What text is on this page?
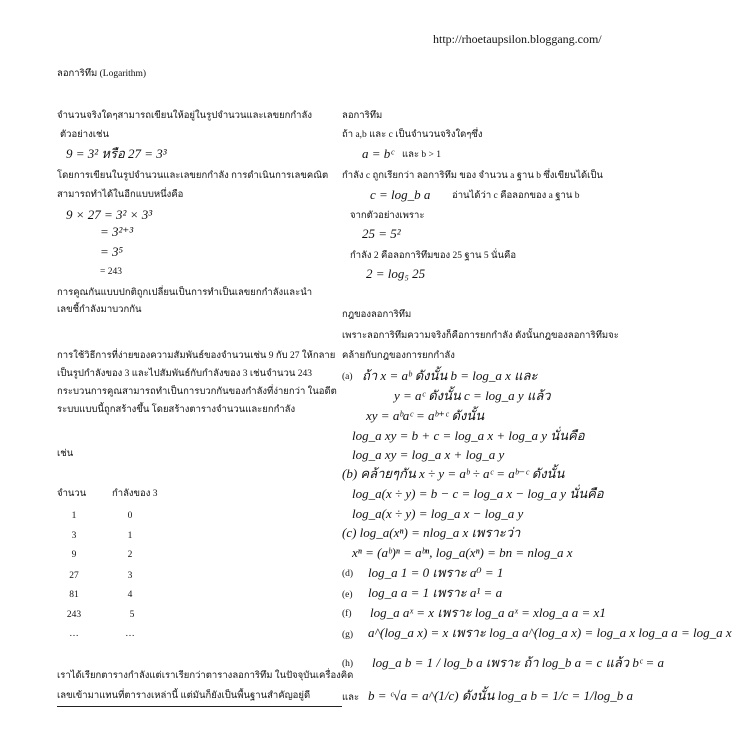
http://rhoetaupsilon.bloggang.com/
ลอการิทึม (Logarithm)
จำนวนจริงใดๆสามารถเขียนให้อยู่ในรูปจำนวนและเลขยกกำลัง
ตัวอย่างเช่น
9 = 3² หรือ 27 = 3³
โดยการเขียนในรูปจำนวนและเลขยกกำลัง การดำเนินการเลขคณิต
สามารถทำได้ในอีกแบบหนึ่งคือ
9 × 27 = 3² × 3³
= 3²⁺³
= 3⁵
= 243
การคูณกันแบบปกติถูกเปลี่ยนเป็นการทำเป็นเลขยกกำลังและนำ
เลขชี้กำลังมาบวกกัน
การใช้วิธีการที่ง่ายของความสัมพันธ์ของจำนวนเช่น 9 กับ 27 ให้กลาย
เป็นรูปกำลังของ 3 และไปสัมพันธ์กับกำลังของ 3 เช่นจำนวน 243
กระบวนการคูณสามารถทำเป็นการบวกกันของกำลังที่ง่ายกว่า ในอดีต
ระบบแบบนี้ถูกสร้างขึ้น โดยสร้างตารางจำนวนและยกกำลัง
เช่น
จำนวน	กำลังของ 3
1	0
3	1
9	2
27	3
81	4
243	5
…	…
เราได้เรียกตารางกำลังแต่เราเรียกว่าตารางลอการิทึม ในปัจจุบันเครื่องคิด
เลขเข้ามาแทนที่ตารางเหล่านี้ แต่มันก็ยังเป็นพื้นฐานสำคัญอยู่ดี
ลอการิทึม
ถ้า a,b และ c เป็นจำนวนจริงใดๆซึ่ง
a = bᶜ และ b > 1
กำลัง c ถูกเรียกว่า ลอการิทึม ของ จำนวน a ฐาน b ซึ่งเขียนได้เป็น
c = log_b a อ่านได้ว่า c คือลอกของ a ฐาน b
จากตัวอย่างเพราะ
25 = 5²
กำลัง 2 คือลอการิทึมของ 25 ฐาน 5 นั่นคือ
2 = log₅ 25
กฎของลอการิทึม
เพราะลอการิทึมความจริงก็คือการยกกำลัง ดังนั้นกฎของลอการิทึมจะ
คล้ายกับกฎของการยกกำลัง
(a) ถ้า x = aᵇ ดังนั้น b = log_a x และ
y = aᶜ ดังนั้น c = log_a y แล้ว
xy = aᵇaᶜ = aᵇ⁺ᶜ ดังนั้น
log_a xy = b + c = log_a x + log_a y นั่นคือ
log_a xy = log_a x + log_a y
(b) คล้ายๆกัน x ÷ y = aᵇ ÷ aᶜ = aᵇ⁻ᶜ ดังนั้น
log_a(x ÷ y) = b − c = log_a x − log_a y นั่นคือ
log_a(x ÷ y) = log_a x − log_a y
(c) log_a(xⁿ) = nlog_a x เพราะว่า
xⁿ = (aᵇ)ⁿ = aᵇⁿ, log_a(xⁿ) = bn = nlog_a x
(d) log_a 1 = 0 เพราะ a⁰ = 1
(e) log_a a = 1 เพราะ a¹ = a
(f) log_a aˣ = x เพราะ log_a aˣ = xlog_a a = x1
(g) a^(log_a x) = x เพราะ log_a a^(log_a x) = log_a x log_a a = log_a x
(h) log_a b = 1 / log_b a เพราะ ถ้า log_b a = c แล้ว bᶜ = a
และ b = ᶜ√a = a^(1/c) ดังนั้น log_a b = 1/c = 1/log_b a
